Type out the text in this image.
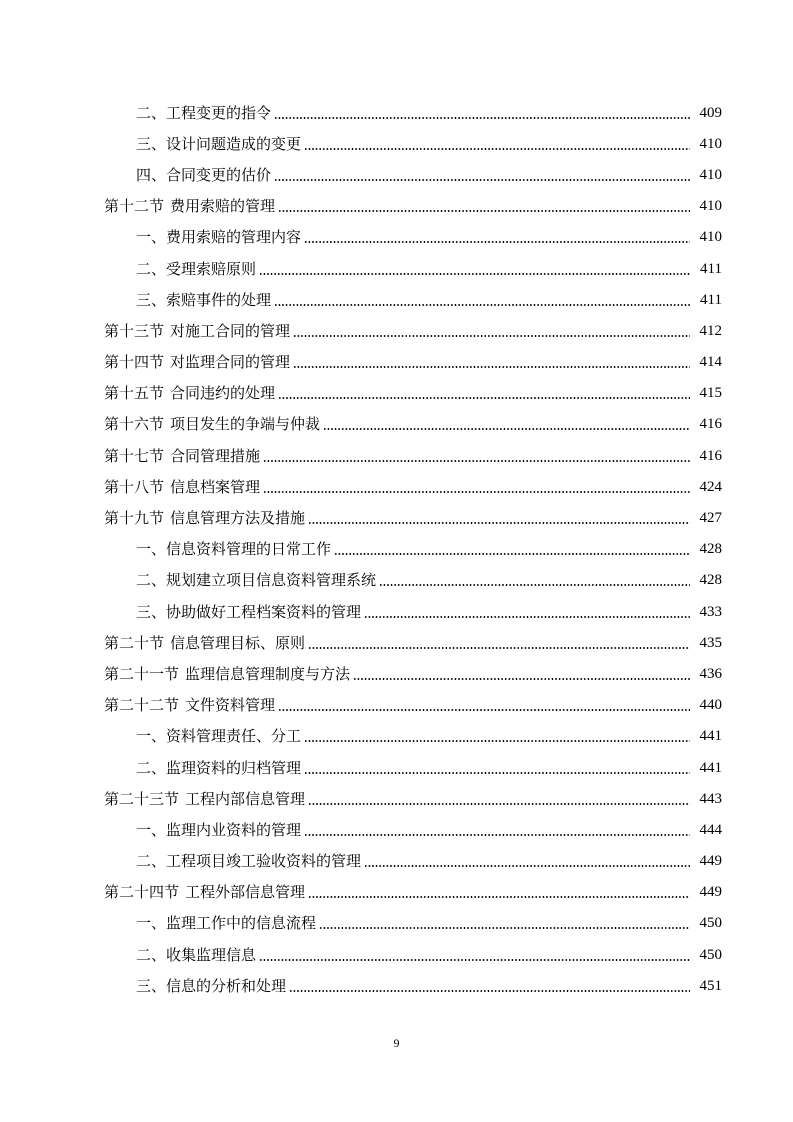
二、工程变更的指令	409
三、设计问题造成的变更	410
四、合同变更的估价	410
第十二节 费用索赔的管理	410
一、费用索赔的管理内容	410
二、受理索赔原则	411
三、索赔事件的处理	411
第十三节 对施工合同的管理	412
第十四节 对监理合同的管理	414
第十五节 合同违约的处理	415
第十六节 项目发生的争端与仲裁	416
第十七节 合同管理措施	416
第十八节 信息档案管理	424
第十九节 信息管理方法及措施	427
一、信息资料管理的日常工作	428
二、规划建立项目信息资料管理系统	428
三、协助做好工程档案资料的管理	433
第二十节 信息管理目标、原则	435
第二十一节 监理信息管理制度与方法	436
第二十二节 文件资料管理	440
一、资料管理责任、分工	441
二、监理资料的归档管理	441
第二十三节 工程内部信息管理	443
一、监理内业资料的管理	444
二、工程项目竣工验收资料的管理	449
第二十四节 工程外部信息管理	449
一、监理工作中的信息流程	450
二、收集监理信息	450
三、信息的分析和处理	451
9
